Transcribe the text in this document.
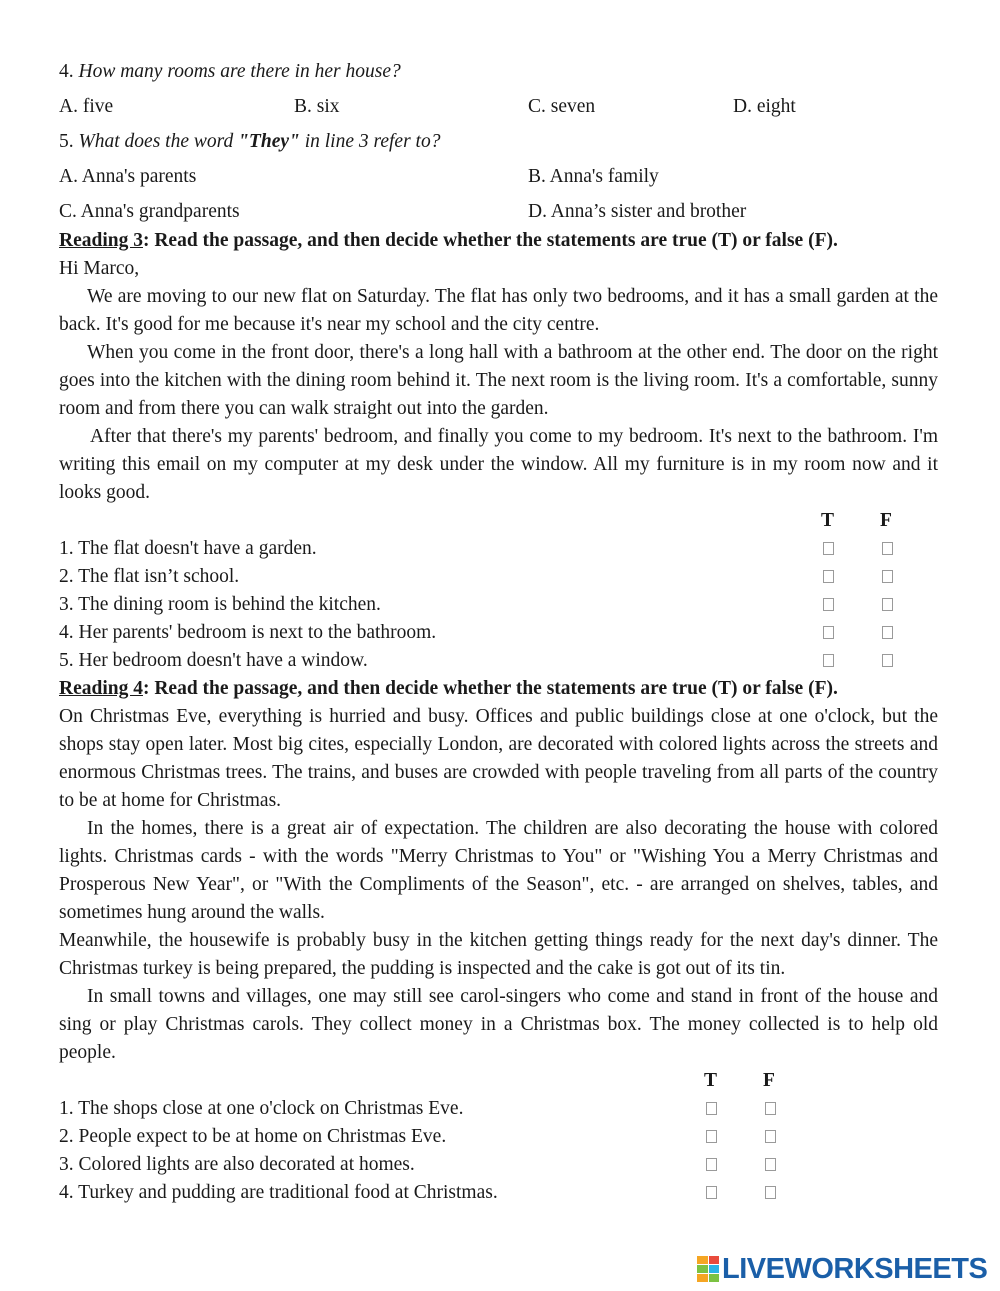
4. How many rooms are there in her house?
A. five	B. six	C. seven	D. eight
5. What does the word "They" in line 3 refer to?
A. Anna's parents	B. Anna's family
C. Anna's grandparents	D. Anna’s sister and brother
Reading 3: Read the passage, and then decide whether the statements are true (T) or false (F).
Hi Marco,
We are moving to our new flat on Saturday. The flat has only two bedrooms, and it has a small garden at the back. It's good for me because it's near my school and the city centre.
When you come in the front door, there's a long hall with a bathroom at the other end. The door on the right goes into the kitchen with the dining room behind it. The next room is the living room. It's a comfortable, sunny room and from there you can walk straight out into the garden.
After that there's my parents' bedroom, and finally you come to my bedroom. It's next to the bathroom. I'm writing this email on my computer at my desk under the window. All my furniture is in my room now and it looks good.
T F
1. The flat doesn't have a garden.
2. The flat isn’t school.
3. The dining room is behind the kitchen.
4. Her parents' bedroom is next to the bathroom.
5. Her bedroom doesn't have a window.
Reading 4: Read the passage, and then decide whether the statements are true (T) or false (F).
On Christmas Eve, everything is hurried and busy. Offices and public buildings close at one o'clock, but the shops stay open later. Most big cites, especially London, are decorated with colored lights across the streets and enormous Christmas trees. The trains, and buses are crowded with people traveling from all parts of the country to be at home for Christmas.
In the homes, there is a great air of expectation. The children are also decorating the house with colored lights. Christmas cards - with the words "Merry Christmas to You" or "Wishing You a Merry Christmas and Prosperous New Year", or "With the Compliments of the Season", etc. - are arranged on shelves, tables, and sometimes hung around the walls.
Meanwhile, the housewife is probably busy in the kitchen getting things ready for the next day's dinner. The Christmas turkey is being prepared, the pudding is inspected and the cake is got out of its tin.
In small towns and villages, one may still see carol-singers who come and stand in front of the house and sing or play Christmas carols. They collect money in a Christmas box. The money collected is to help old people.
T F
1. The shops close at one o'clock on Christmas Eve.
2. People expect to be at home on Christmas Eve.
3. Colored lights are also decorated at homes.
4. Turkey and pudding are traditional food at Christmas.
LIVEWORKSHEETS
